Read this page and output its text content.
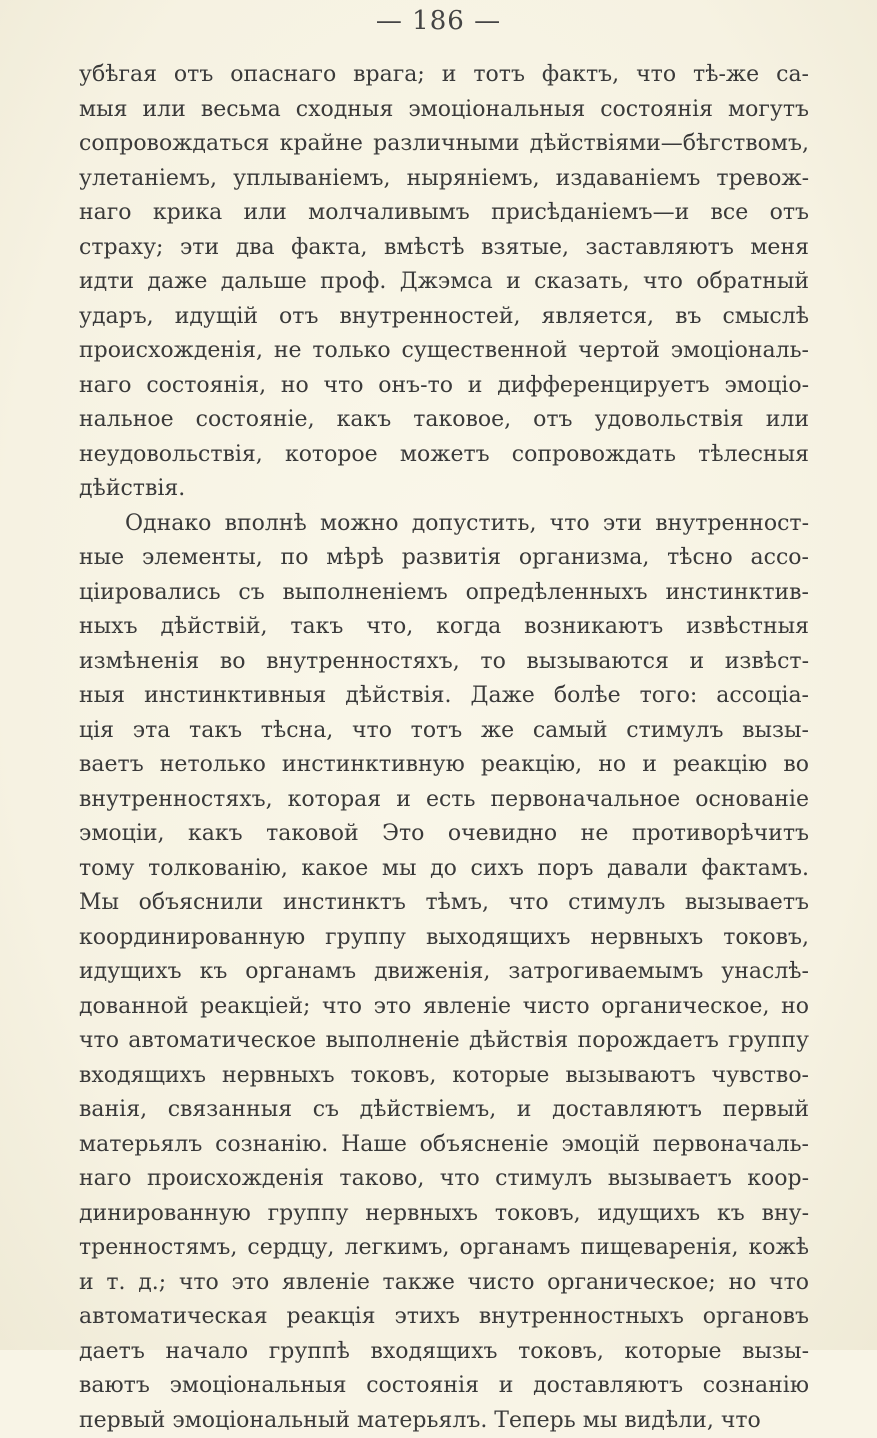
— 186 —
убѣгая отъ опаснаго врага; и тотъ фактъ, что тѣ-же са-
мыя или весьма сходныя эмоціональныя состоянія могутъ
сопровождаться крайне различными дѣйствіями—бѣгствомъ,
улетаніемъ, уплываніемъ, ныряніемъ, издаваніемъ тревож-
наго крика или молчаливымъ присѣданіемъ—и все отъ
страху; эти два факта, вмѣстѣ взятые, заставляютъ меня
идти даже дальше проф. Джэмса и сказать, что обратный
ударъ, идущій отъ внутренностей, является, въ смыслѣ
происхожденія, не только существенной чертой эмоціональ-
наго состоянія, но что онъ-то и дифференцируетъ эмоціо-
нальное состояніе, какъ таковое, отъ удовольствія или
неудовольствія, которое можетъ сопровождать тѣлесныя
дѣйствія.
Однако вполнѣ можно допустить, что эти внутренност-
ные элементы, по мѣрѣ развитія организма, тѣсно ассо-
ціировались съ выполненіемъ опредѣленныхъ инстинктив-
ныхъ дѣйствій, такъ что, когда возникаютъ извѣстныя
измѣненія во внутренностяхъ, то вызываются и извѣст-
ныя инстинктивныя дѣйствія. Даже болѣе того: ассоціа-
ція эта такъ тѣсна, что тотъ же самый стимулъ вызы-
ваетъ нетолько инстинктивную реакцію, но и реакцію во
внутренностяхъ, которая и есть первоначальное основаніе
эмоціи, какъ таковой Это очевидно не противорѣчитъ
тому толкованію, какое мы до сихъ поръ давали фактамъ.
Мы объяснили инстинктъ тѣмъ, что стимулъ вызываетъ
координированную группу выходящихъ нервныхъ токовъ,
идущихъ къ органамъ движенія, затрогиваемымъ унаслѣ-
дованной реакціей; что это явленіе чисто органическое, но
что автоматическое выполненіе дѣйствія порождаетъ группу
входящихъ нервныхъ токовъ, которые вызываютъ чувство-
ванія, связанныя съ дѣйствіемъ, и доставляютъ первый
матерьялъ сознанію. Наше объясненіе эмоцій первоначаль-
наго происхожденія таково, что стимулъ вызываетъ коор-
динированную группу нервныхъ токовъ, идущихъ къ вну-
тренностямъ, сердцу, легкимъ, органамъ пищеваренія, кожѣ
и т. д.; что это явленіе также чисто органическое; но что
автоматическая реакція этихъ внутренностныхъ органовъ
даетъ начало группѣ входящихъ токовъ, которые вызы-
ваютъ эмоціональныя состоянія и доставляютъ сознанію
первый эмоціональный матерьялъ. Теперь мы видѣли, что
